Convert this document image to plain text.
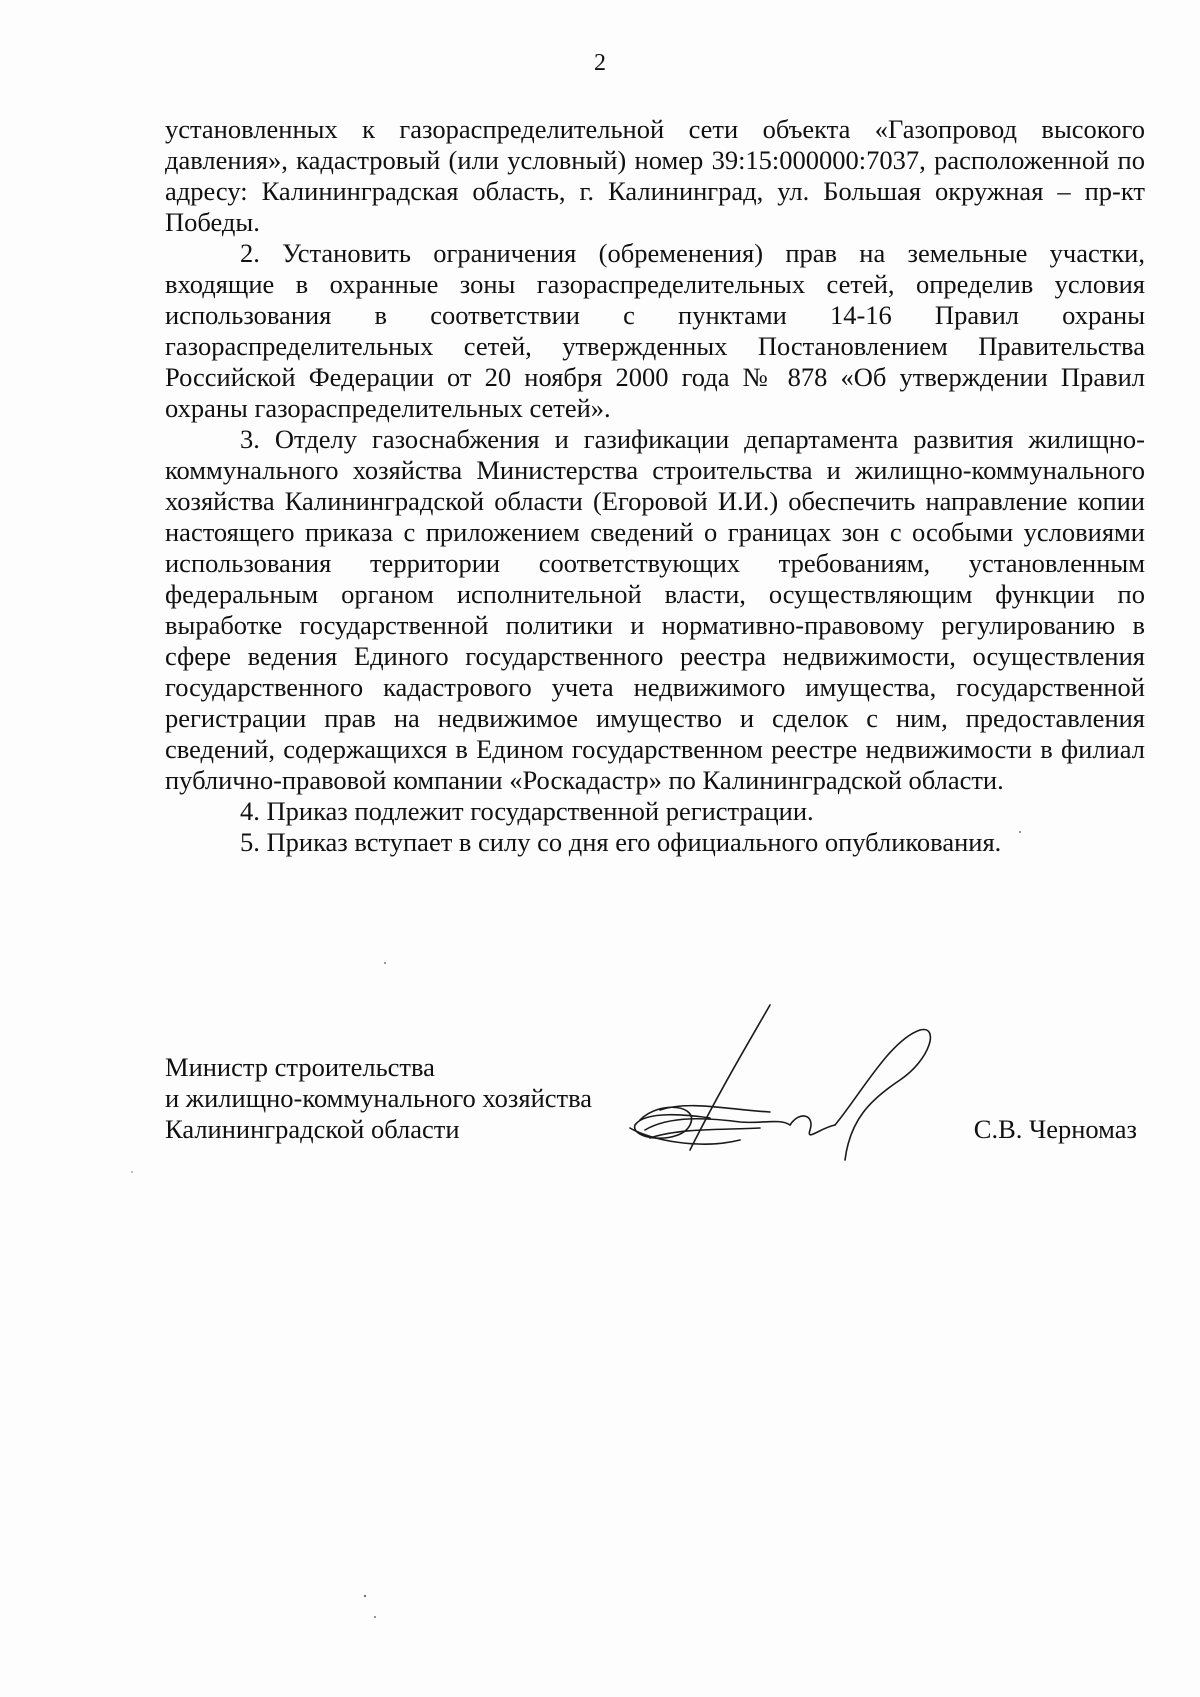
2

установленных к газораспределительной сети объекта «Газопровод высокого давления», кадастровый (или условный) номер 39:15:000000:7037, расположенной по адресу: Калининградская область, г. Калининград, ул. Большая окружная – пр-кт Победы.

2. Установить ограничения (обременения) прав на земельные участки, входящие в охранные зоны газораспределительных сетей, определив условия использования в соответствии с пунктами 14-16 Правил охраны газораспределительных сетей, утвержденных Постановлением Правительства Российской Федерации от 20 ноября 2000 года № 878 «Об утверждении Правил охраны газораспределительных сетей».

3. Отделу газоснабжения и газификации департамента развития жилищно-коммунального хозяйства Министерства строительства и жилищно-коммунального хозяйства Калининградской области (Егоровой И.И.) обеспечить направление копии настоящего приказа с приложением сведений о границах зон с особыми условиями использования территории соответствующих требованиям, установленным федеральным органом исполнительной власти, осуществляющим функции по выработке государственной политики и нормативно-правовому регулированию в сфере ведения Единого государственного реестра недвижимости, осуществления государственного кадастрового учета недвижимого имущества, государственной регистрации прав на недвижимое имущество и сделок с ним, предоставления сведений, содержащихся в Едином государственном реестре недвижимости в филиал публично-правовой компании «Роскадастр» по Калининградской области.

4. Приказ подлежит государственной регистрации.

5. Приказ вступает в силу со дня его официального опубликования.

Министр строительства
и жилищно-коммунального хозяйства
Калининградской области	С.В. Черномаз
